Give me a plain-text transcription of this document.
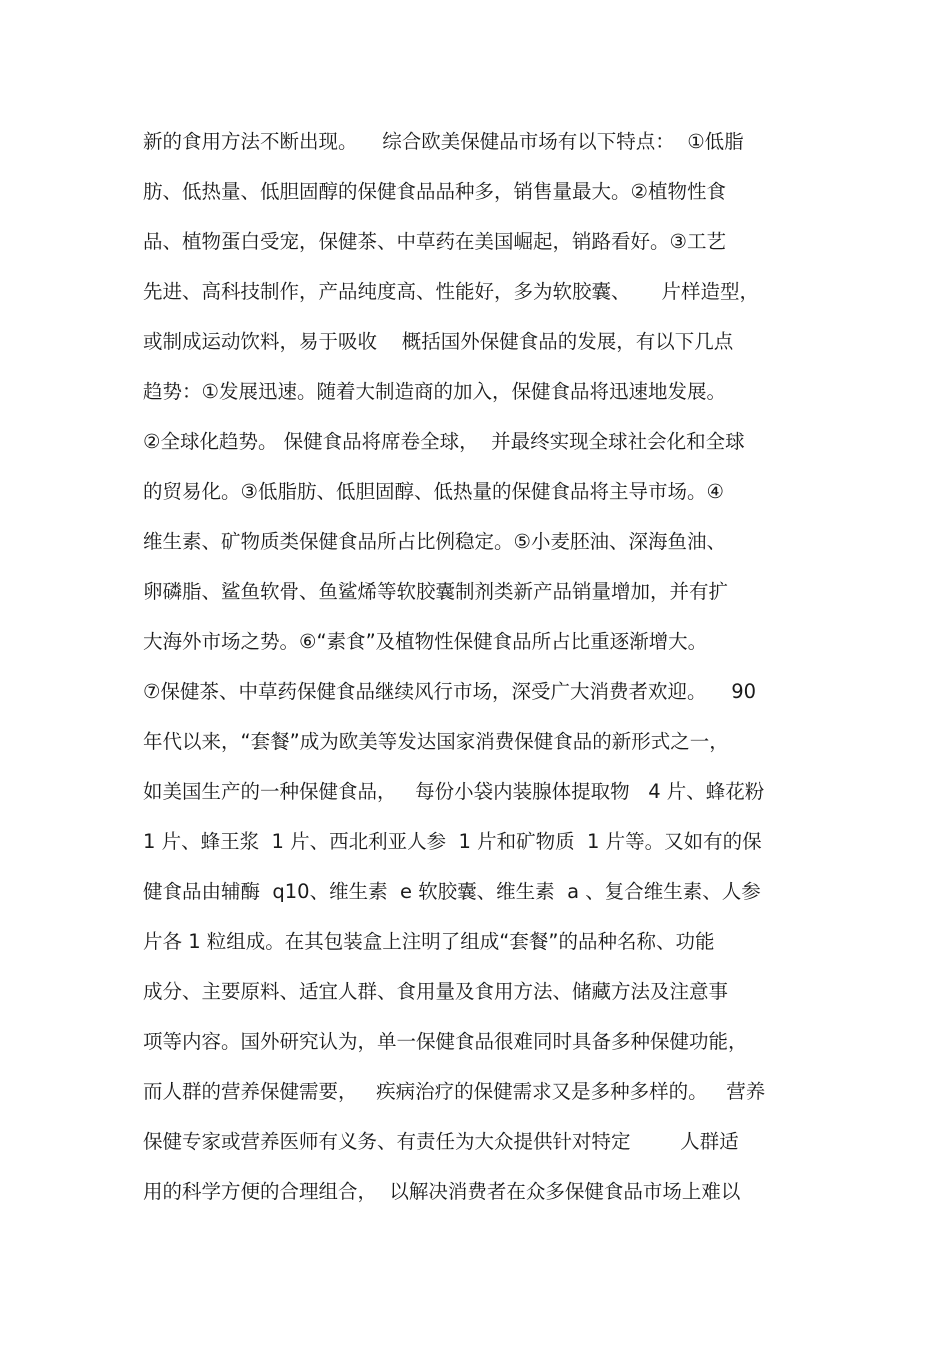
新的食用方法不断出现。    综合欧美保健品市场有以下特点：  ①低脂
肪、低热量、低胆固醇的保健食品品种多，销售量最大。②植物性食
品、植物蛋白受宠，保健茶、中草药在美国崛起，销路看好。③工艺
先进、高科技制作，产品纯度高、性能好，多为软胶囊、     片样造型，
或制成运动饮料，易于吸收    概括国外保健食品的发展，有以下几点
趋势：①发展迅速。随着大制造商的加入，保健食品将迅速地发展。
②全球化趋势。 保健食品将席卷全球，  并最终实现全球社会化和全球
的贸易化。③低脂肪、低胆固醇、低热量的保健食品将主导市场。④
维生素、矿物质类保健食品所占比例稳定。⑤小麦胚油、深海鱼油、
卵磷脂、鲨鱼软骨、鱼鲨烯等软胶囊制剂类新产品销量增加，并有扩
大海外市场之势。⑥“素食”及植物性保健食品所占比重逐渐增大。
⑦保健茶、中草药保健食品继续风行市场，深受广大消费者欢迎。    90
年代以来，“套餐”成为欧美等发达国家消费保健食品的新形式之一，
如美国生产的一种保健食品，   每份小袋内装腺体提取物   4 片、蜂花粉
1 片、蜂王浆  1 片、西北利亚人参  1 片和矿物质  1 片等。又如有的保
健食品由辅酶  q10、维生素  e 软胶囊、维生素  a 、复合维生素、人参
片各 1 粒组成。在其包装盒上注明了组成“套餐”的品种名称、功能
成分、主要原料、适宜人群、食用量及食用方法、储藏方法及注意事
项等内容。国外研究认为，单一保健食品很难同时具备多种保健功能，
而人群的营养保健需要，   疾病治疗的保健需求又是多种多样的。   营养
保健专家或营养医师有义务、有责任为大众提供针对特定        人群适
用的科学方便的合理组合，  以解决消费者在众多保健食品市场上难以
